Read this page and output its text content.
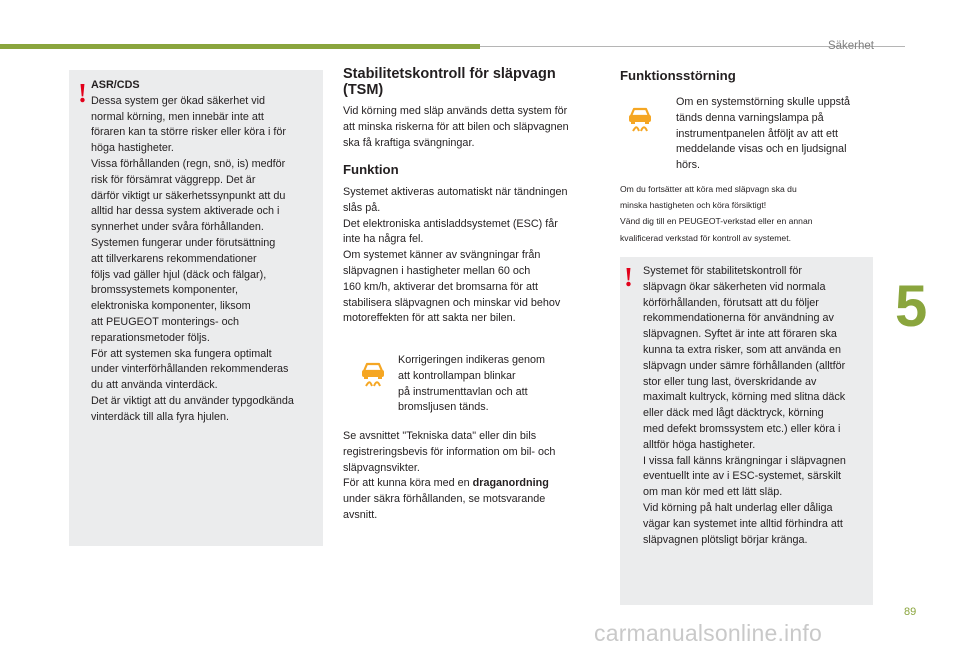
Säkerhet
! ASR/CDS
Dessa system ger ökad säkerhet vid
normal körning, men innebär inte att
föraren kan ta större risker eller köra i för
höga hastigheter.
Vissa förhållanden (regn, snö, is) medför
risk för försämrat väggrepp. Det är
därför viktigt ur säkerhetssynpunkt att du
alltid har dessa system aktiverade och i
synnerhet under svåra förhållanden.
Systemen fungerar under förutsättning
att tillverkarens rekommendationer
följs vad gäller hjul (däck och fälgar),
bromssystemets komponenter,
elektroniska komponenter, liksom
att PEUGEOT monterings- och
reparationsmetoder följs.
För att systemen ska fungera optimalt
under vinterförhållanden rekommenderas
du att använda vinterdäck.
Det är viktigt att du använder typgodkända
vinterdäck till alla fyra hjulen.
Stabilitetskontroll för släpvagn
(TSM)
Vid körning med släp används detta system för
att minska riskerna för att bilen och släpvagnen
ska få kraftiga svängningar.
Funktion
Systemet aktiveras automatiskt när tändningen
slås på.
Det elektroniska antisladdsystemet (ESC) får
inte ha några fel.
Om systemet känner av svängningar från
släpvagnen i hastigheter mellan 60 och
160 km/h, aktiverar det bromsarna för att
stabilisera släpvagnen och minskar vid behov
motoreffekten för att sakta ner bilen.
Korrigeringen indikeras genom
att kontrollampan blinkar
på instrumenttavlan och att
bromsljusen tänds.
Se avsnittet "Tekniska data" eller din bils
registreringsbevis för information om bil- och
släpvagnsvikter.
För att kunna köra med en draganordning
under säkra förhållanden, se motsvarande
avsnitt.
Funktionsstörning
Om en systemstörning skulle uppstå
tänds denna varningslampa på
instrumentpanelen åtföljt av att ett
meddelande visas och en ljudsignal
hörs.
Om du fortsätter att köra med släpvagn ska du
minska hastigheten och köra försiktigt!
Vänd dig till en PEUGEOT-verkstad eller en annan
kvalificerad verkstad för kontroll av systemet.
! Systemet för stabilitetskontroll för
släpvagn ökar säkerheten vid normala
körförhållanden, förutsatt att du följer
rekommendationerna för användning av
släpvagnen. Syftet är inte att föraren ska
kunna ta extra risker, som att använda en
släpvagn under sämre förhållanden (alltför
stor eller tung last, överskridande av
maximalt kultryck, körning med slitna däck
eller däck med lågt däcktryck, körning
med defekt bromssystem etc.) eller köra i
alltför höga hastigheter.
I vissa fall känns krängningar i släpvagnen
eventuellt inte av i ESC-systemet, särskilt
om man kör med ett lätt släp.
Vid körning på halt underlag eller dåliga
vägar kan systemet inte alltid förhindra att
släpvagnen plötsligt börjar kränga.
5
89
carmanualsonline.info
